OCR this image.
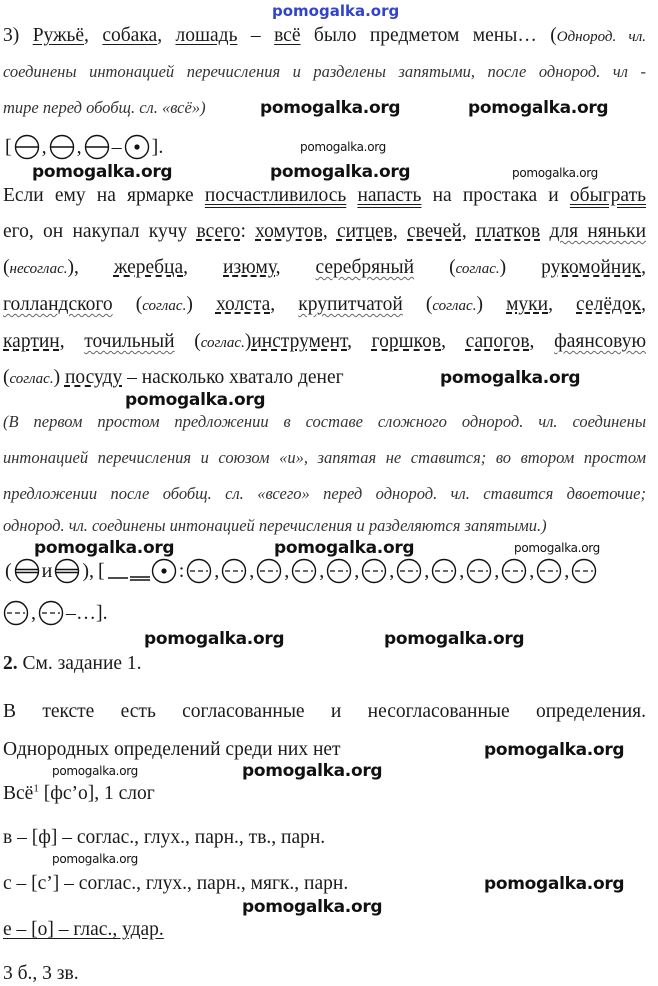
pomogalka.org
3) Ружьё, собака, лошадь – всё было предметом мены… (Однород. чл.
соединены интонацией перечисления и разделены запятыми, после однород. чл -
тире перед обобщ. сл. «всё»)
Если ему на ярмарке посчастливилось напасть на простака и обыграть
его, он накупал кучу всего: хомутов, ситцев, свечей, платков для няньки
(несоглас.), жеребца, изюму, серебряный (соглас.) рукомойник,
голландского (соглас.) холста, крупитчатой (соглас.) муки, селёдок,
картин, точильный (соглас.)инструмент, горшков, сапогов, фаянсовую
(соглас.) посуду – насколько хватало денег
(В первом простом предложении в составе сложного однород. чл. соединены
интонацией перечисления и союзом «и», запятая не ставится; во втором простом
предложении после обобщ. сл. «всего» перед однород. чл. ставится двоеточие;
однород. чл. соединены интонацией перечисления и разделяются запятыми.)
2. См. задание 1.
В тексте есть согласованные и несогласованные определения.
Однородных определений среди них нет
Всё$^1$ [фс’о], 1 слог
в – [ф] – соглас., глух., парн., тв., парн.
с – [с’] – соглас., глух., парн., мягк., парн.
е – [о] – глас., удар.
3 б., 3 зв.
[ , , – ].
( и ), [	: , , , , , , , , , , ,
, –…].
pomogalka.org
pomogalka.org	pomogalka.org
pomogalka.org	pomogalka.org	pomogalka.org
pomogalka.org
pomogalka.org
pomogalka.org	pomogalka.org	pomogalka.org
pomogalka.org	pomogalka.org
pomogalka.org
pomogalka.org	pomogalka.org
pomogalka.org
pomogalka.org
pomogalka.org
